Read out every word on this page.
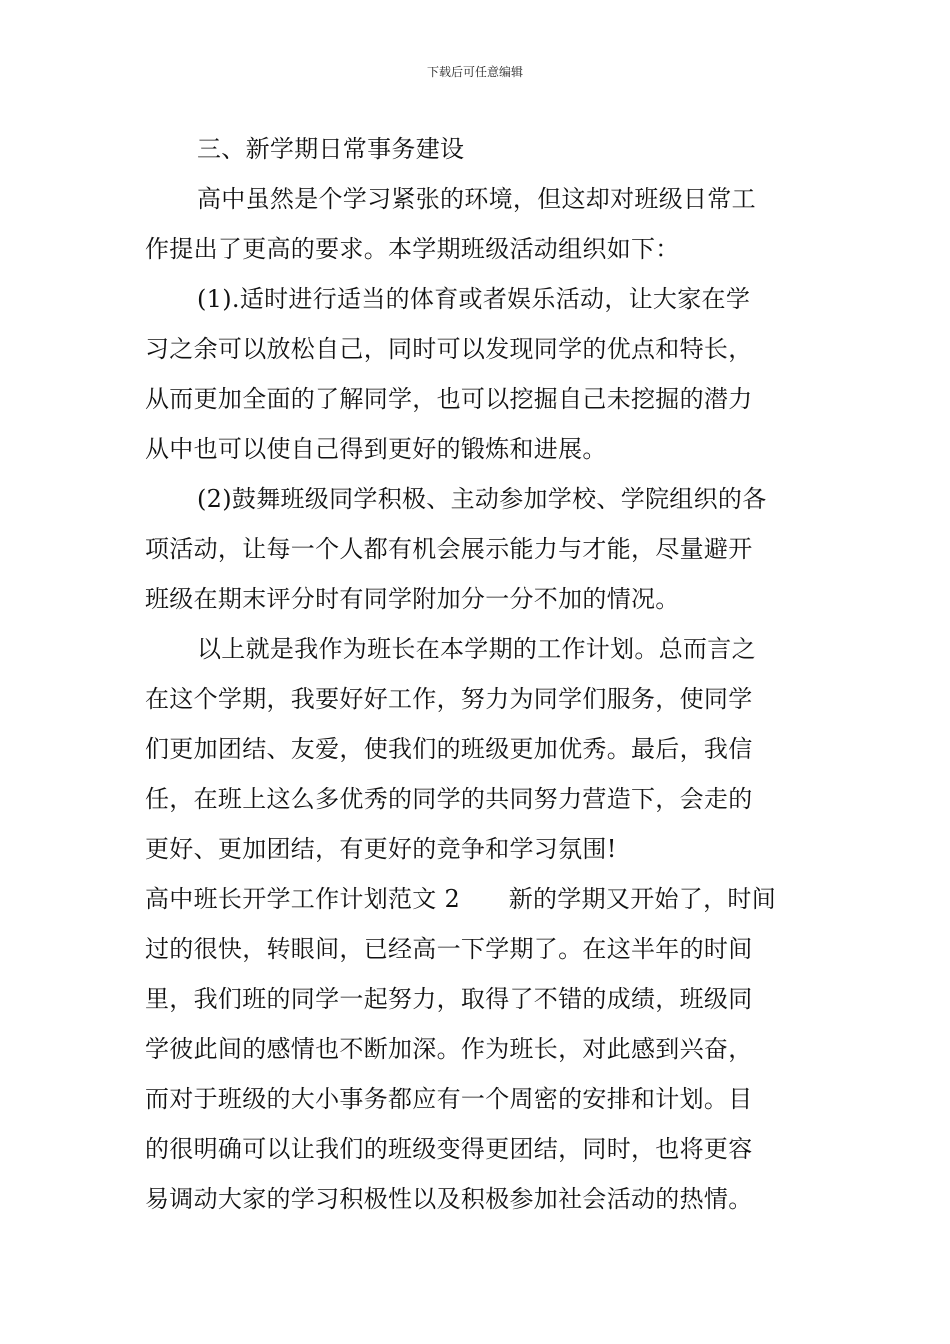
下载后可任意编辑
三、新学期日常事务建设
高中虽然是个学习紧张的环境，但这却对班级日常工
作提出了更高的要求。本学期班级活动组织如下：
(1).适时进行适当的体育或者娱乐活动，让大家在学
习之余可以放松自己，同时可以发现同学的优点和特长，
从而更加全面的了解同学，也可以挖掘自己未挖掘的潜力
从中也可以使自己得到更好的锻炼和进展。
(2)鼓舞班级同学积极、主动参加学校、学院组织的各
项活动，让每一个人都有机会展示能力与才能，尽量避开
班级在期末评分时有同学附加分一分不加的情况。
以上就是我作为班长在本学期的工作计划。总而言之
在这个学期，我要好好工作，努力为同学们服务，使同学
们更加团结、友爱，使我们的班级更加优秀。最后，我信
任，在班上这么多优秀的同学的共同努力营造下，会走的
更好、更加团结，有更好的竞争和学习氛围!
高中班长开学工作计划范文 2　　新的学期又开始了，时间
过的很快，转眼间，已经高一下学期了。在这半年的时间
里，我们班的同学一起努力，取得了不错的成绩，班级同
学彼此间的感情也不断加深。作为班长，对此感到兴奋，
而对于班级的大小事务都应有一个周密的安排和计划。目
的很明确可以让我们的班级变得更团结，同时，也将更容
易调动大家的学习积极性以及积极参加社会活动的热情。
